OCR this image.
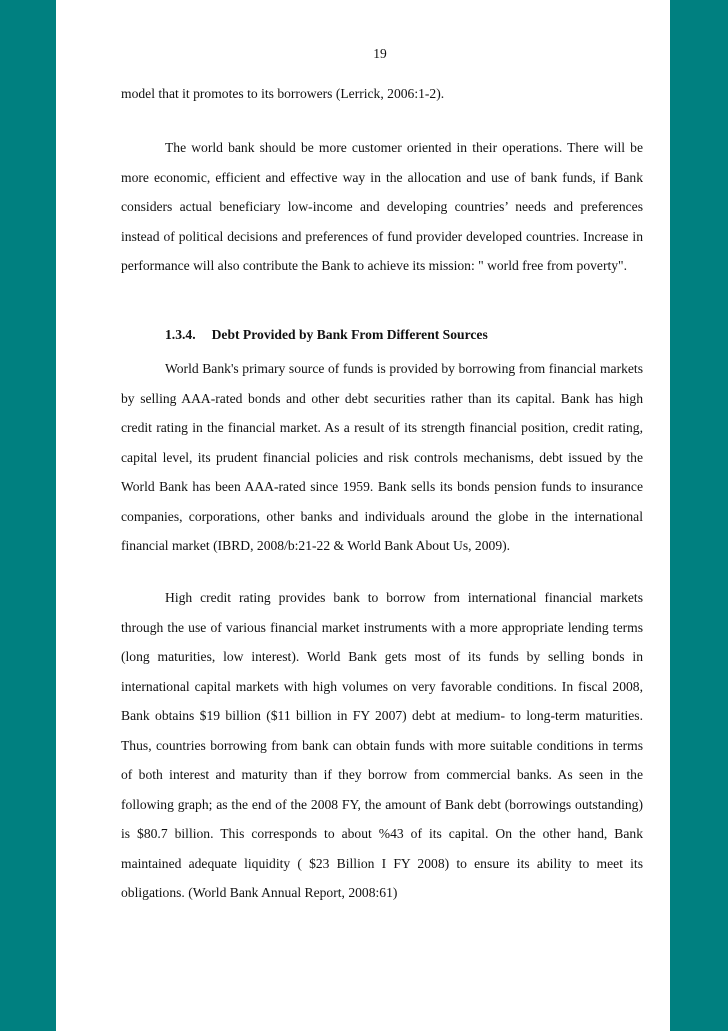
19

model that it promotes to its borrowers (Lerrick, 2006:1-2).

The world bank should be more customer oriented in their operations. There will be more economic, efficient and effective way in the allocation and use of bank funds, if Bank considers actual beneficiary low-income and developing countries’ needs and preferences instead of political decisions and preferences of fund provider developed countries. Increase in performance will also contribute the Bank to achieve its mission: " world free from poverty".

1.3.4. Debt Provided by Bank From Different Sources

World Bank's primary source of funds is provided by borrowing from financial markets by selling AAA-rated bonds and other debt securities rather than its capital. Bank has high credit rating in the financial market. As a result of its strength financial position, credit rating, capital level, its prudent financial policies and risk controls mechanisms, debt issued by the World Bank has been AAA-rated since 1959. Bank sells its bonds pension funds to insurance companies, corporations, other banks and individuals around the globe in the international financial market (IBRD, 2008/b:21-22 & World Bank About Us, 2009).

High credit rating provides bank to borrow from international financial markets through the use of various financial market instruments with a more appropriate lending terms (long maturities, low interest). World Bank gets most of its funds by selling bonds in international capital markets with high volumes on very favorable conditions. In fiscal 2008, Bank obtains $19 billion ($11 billion in FY 2007) debt at medium- to long-term maturities. Thus, countries borrowing from bank can obtain funds with more suitable conditions in terms of both interest and maturity than if they borrow from commercial banks. As seen in the following graph; as the end of the 2008 FY, the amount of Bank debt (borrowings outstanding) is $80.7 billion. This corresponds to about %43 of its capital. On the other hand, Bank maintained adequate liquidity ( $23 Billion I FY 2008) to ensure its ability to meet its obligations. (World Bank Annual Report, 2008:61)
